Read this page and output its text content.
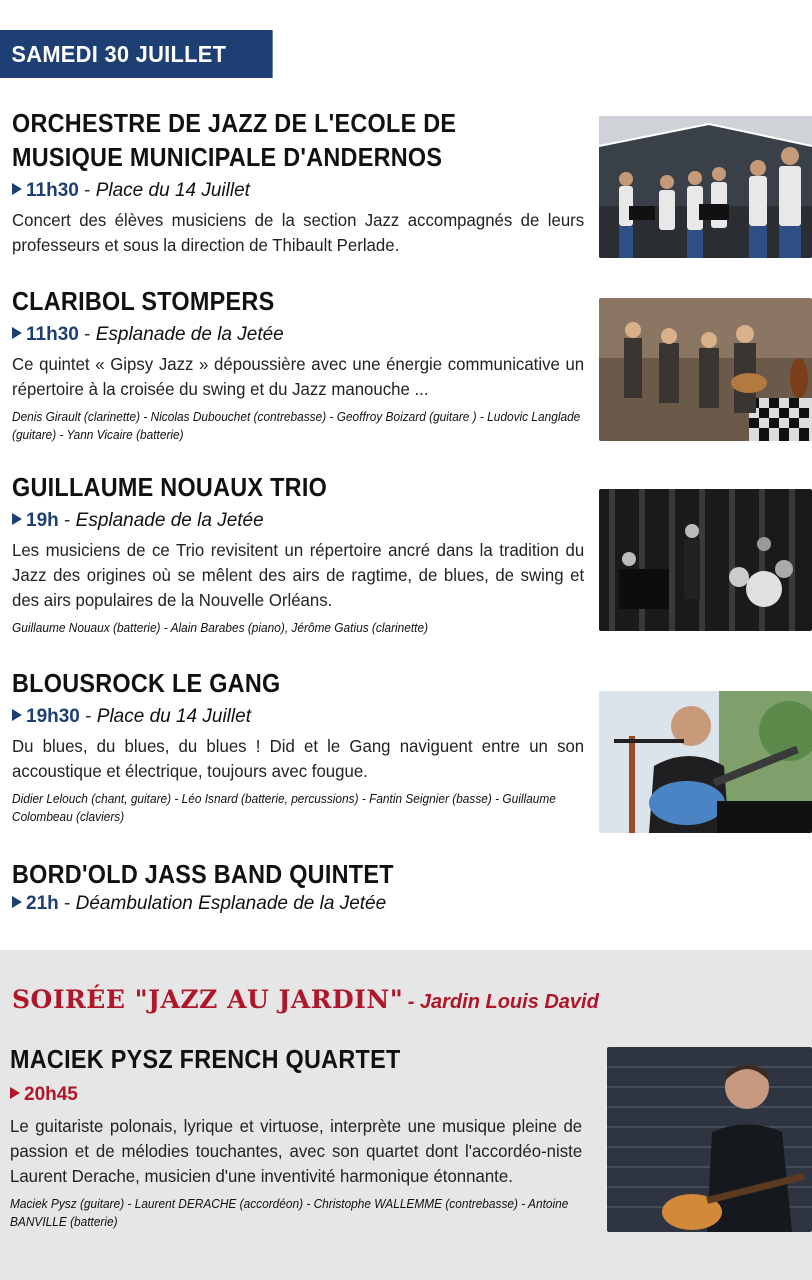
SAMEDI 30 JUILLET
ORCHESTRE DE JAZZ DE L'ECOLE DE
MUSIQUE MUNICIPALE D'ANDERNOS
11h30 - Place du 14 Juillet

Concert des élèves musiciens de la section Jazz accompagnés de leurs professeurs et sous la direction de Thibault Perlade.

CLARIBOL STOMPERS
11h30 - Esplanade de la Jetée

Ce quintet « Gipsy Jazz » dépoussière avec une énergie communicative un répertoire à la croisée du swing et du Jazz manouche ...

Denis Girault (clarinette) - Nicolas Dubouchet (contrebasse) - Geoffroy Boizard (guitare ) - Ludovic Langlade (guitare) - Yann Vicaire (batterie)

GUILLAUME NOUAUX TRIO
19h - Esplanade de la Jetée

Les musiciens de ce Trio revisitent un répertoire ancré dans la tradition du Jazz des origines où se mêlent des airs de ragtime, de blues, de swing et des airs populaires de la Nouvelle Orléans.

Guillaume Nouaux (batterie) - Alain Barabes (piano), Jérôme Gatius (clarinette)

BLOUSROCK LE GANG
19h30 - Place du 14 Juillet

Du blues, du blues, du blues ! Did et le Gang naviguent entre un son accoustique et électrique, toujours avec fougue.

Didier Lelouch (chant, guitare) - Léo Isnard (batterie, percussions) - Fantin Seignier (basse) - Guillaume Colombeau (claviers)

BORD'OLD JASS BAND QUINTET
21h - Déambulation Esplanade de la Jetée
SOIRÉE "JAZZ AU JARDIN" - Jardin Louis David
MACIEK PYSZ FRENCH QUARTET
20h45

Le guitariste polonais, lyrique et virtuose, interprète une musique pleine de passion et de mélodies touchantes, avec son quartet dont l'accordéo-niste Laurent Derache, musicien d'une inventivité harmonique étonnante.

Maciek Pysz (guitare) - Laurent DERACHE (accordéon) - Christophe WALLEMME (contrebasse) - Antoine BANVILLE (batterie)
